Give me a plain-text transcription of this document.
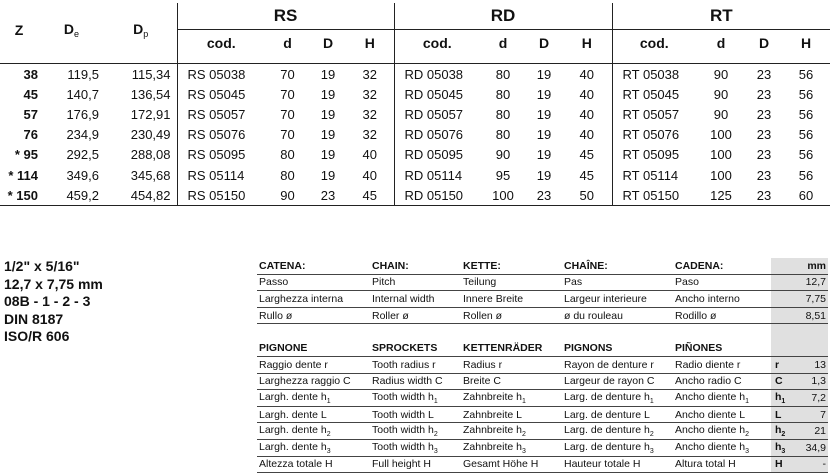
Z	$D_e$	$D_p$	RS				RD				RT			
			cod.	d	D	H	cod.	d	D	H	cod.	d	D	H

38	119,5	115,34	RS 05038	70	19	32	RD 05038	80	19	40	RT 05038	90	23	56
45	140,7	136,54	RS 05045	70	19	32	RD 05045	80	19	40	RT 05045	90	23	56
57	176,9	172,91	RS 05057	70	19	32	RD 05057	80	19	40	RT 05057	90	23	56
76	234,9	230,49	RS 05076	70	19	32	RD 05076	80	19	40	RT 05076	100	23	56
* 95	292,5	288,08	RS 05095	80	19	40	RD 05095	90	19	45	RT 05095	100	23	56
* 114	349,6	345,68	RS 05114	80	19	40	RD 05114	95	19	45	RT 05114	100	23	56
* 150	459,2	454,82	RS 05150	90	23	45	RD 05150	100	23	50	RT 05150	125	23	60
1/2" x 5/16"
12,7 x 7,75 mm
08B - 1 - 2 - 3
DIN 8187
ISO/R 606
CATENA:	CHAIN:	KETTE:	CHAÎNE:	CADENA:		mm
Passo	Pitch	Teilung	Pas	Paso		12,7
Larghezza interna	Internal width	Innere Breite	Largeur interieure	Ancho interno		7,75
Rullo ø	Roller ø	Rollen ø	ø du rouleau	Rodillo ø		8,51

PIGNONE	SPROCKETS	KETTENRÄDER	PIGNONS	PIÑONES		
Raggio dente r	Tooth radius r	Radius r	Rayon de denture r	Radio diente r	r	13
Larghezza raggio C	Radius width C	Breite C	Largeur de rayon C	Ancho radio C	C	1,3
Largh. dente $h_1$	Tooth width $h_1$	Zahnbreite $h_1$	Larg. de denture $h_1$	Ancho diente $h_1$	$h_1$	7,2
Largh. dente L	Tooth width L	Zahnbreite L	Larg. de denture L	Ancho diente L	L	7
Largh. dente $h_2$	Tooth width $h_2$	Zahnbreite $h_2$	Larg. de denture $h_2$	Ancho diente $h_2$	$h_2$	21
Largh. dente $h_3$	Tooth width $h_3$	Zahnbreite $h_3$	Larg. de denture $h_3$	Ancho diente $h_3$	$h_3$	34,9
Altezza totale H	Full height H	Gesamt Höhe H	Hauteur totale H	Altura total H	H	-
